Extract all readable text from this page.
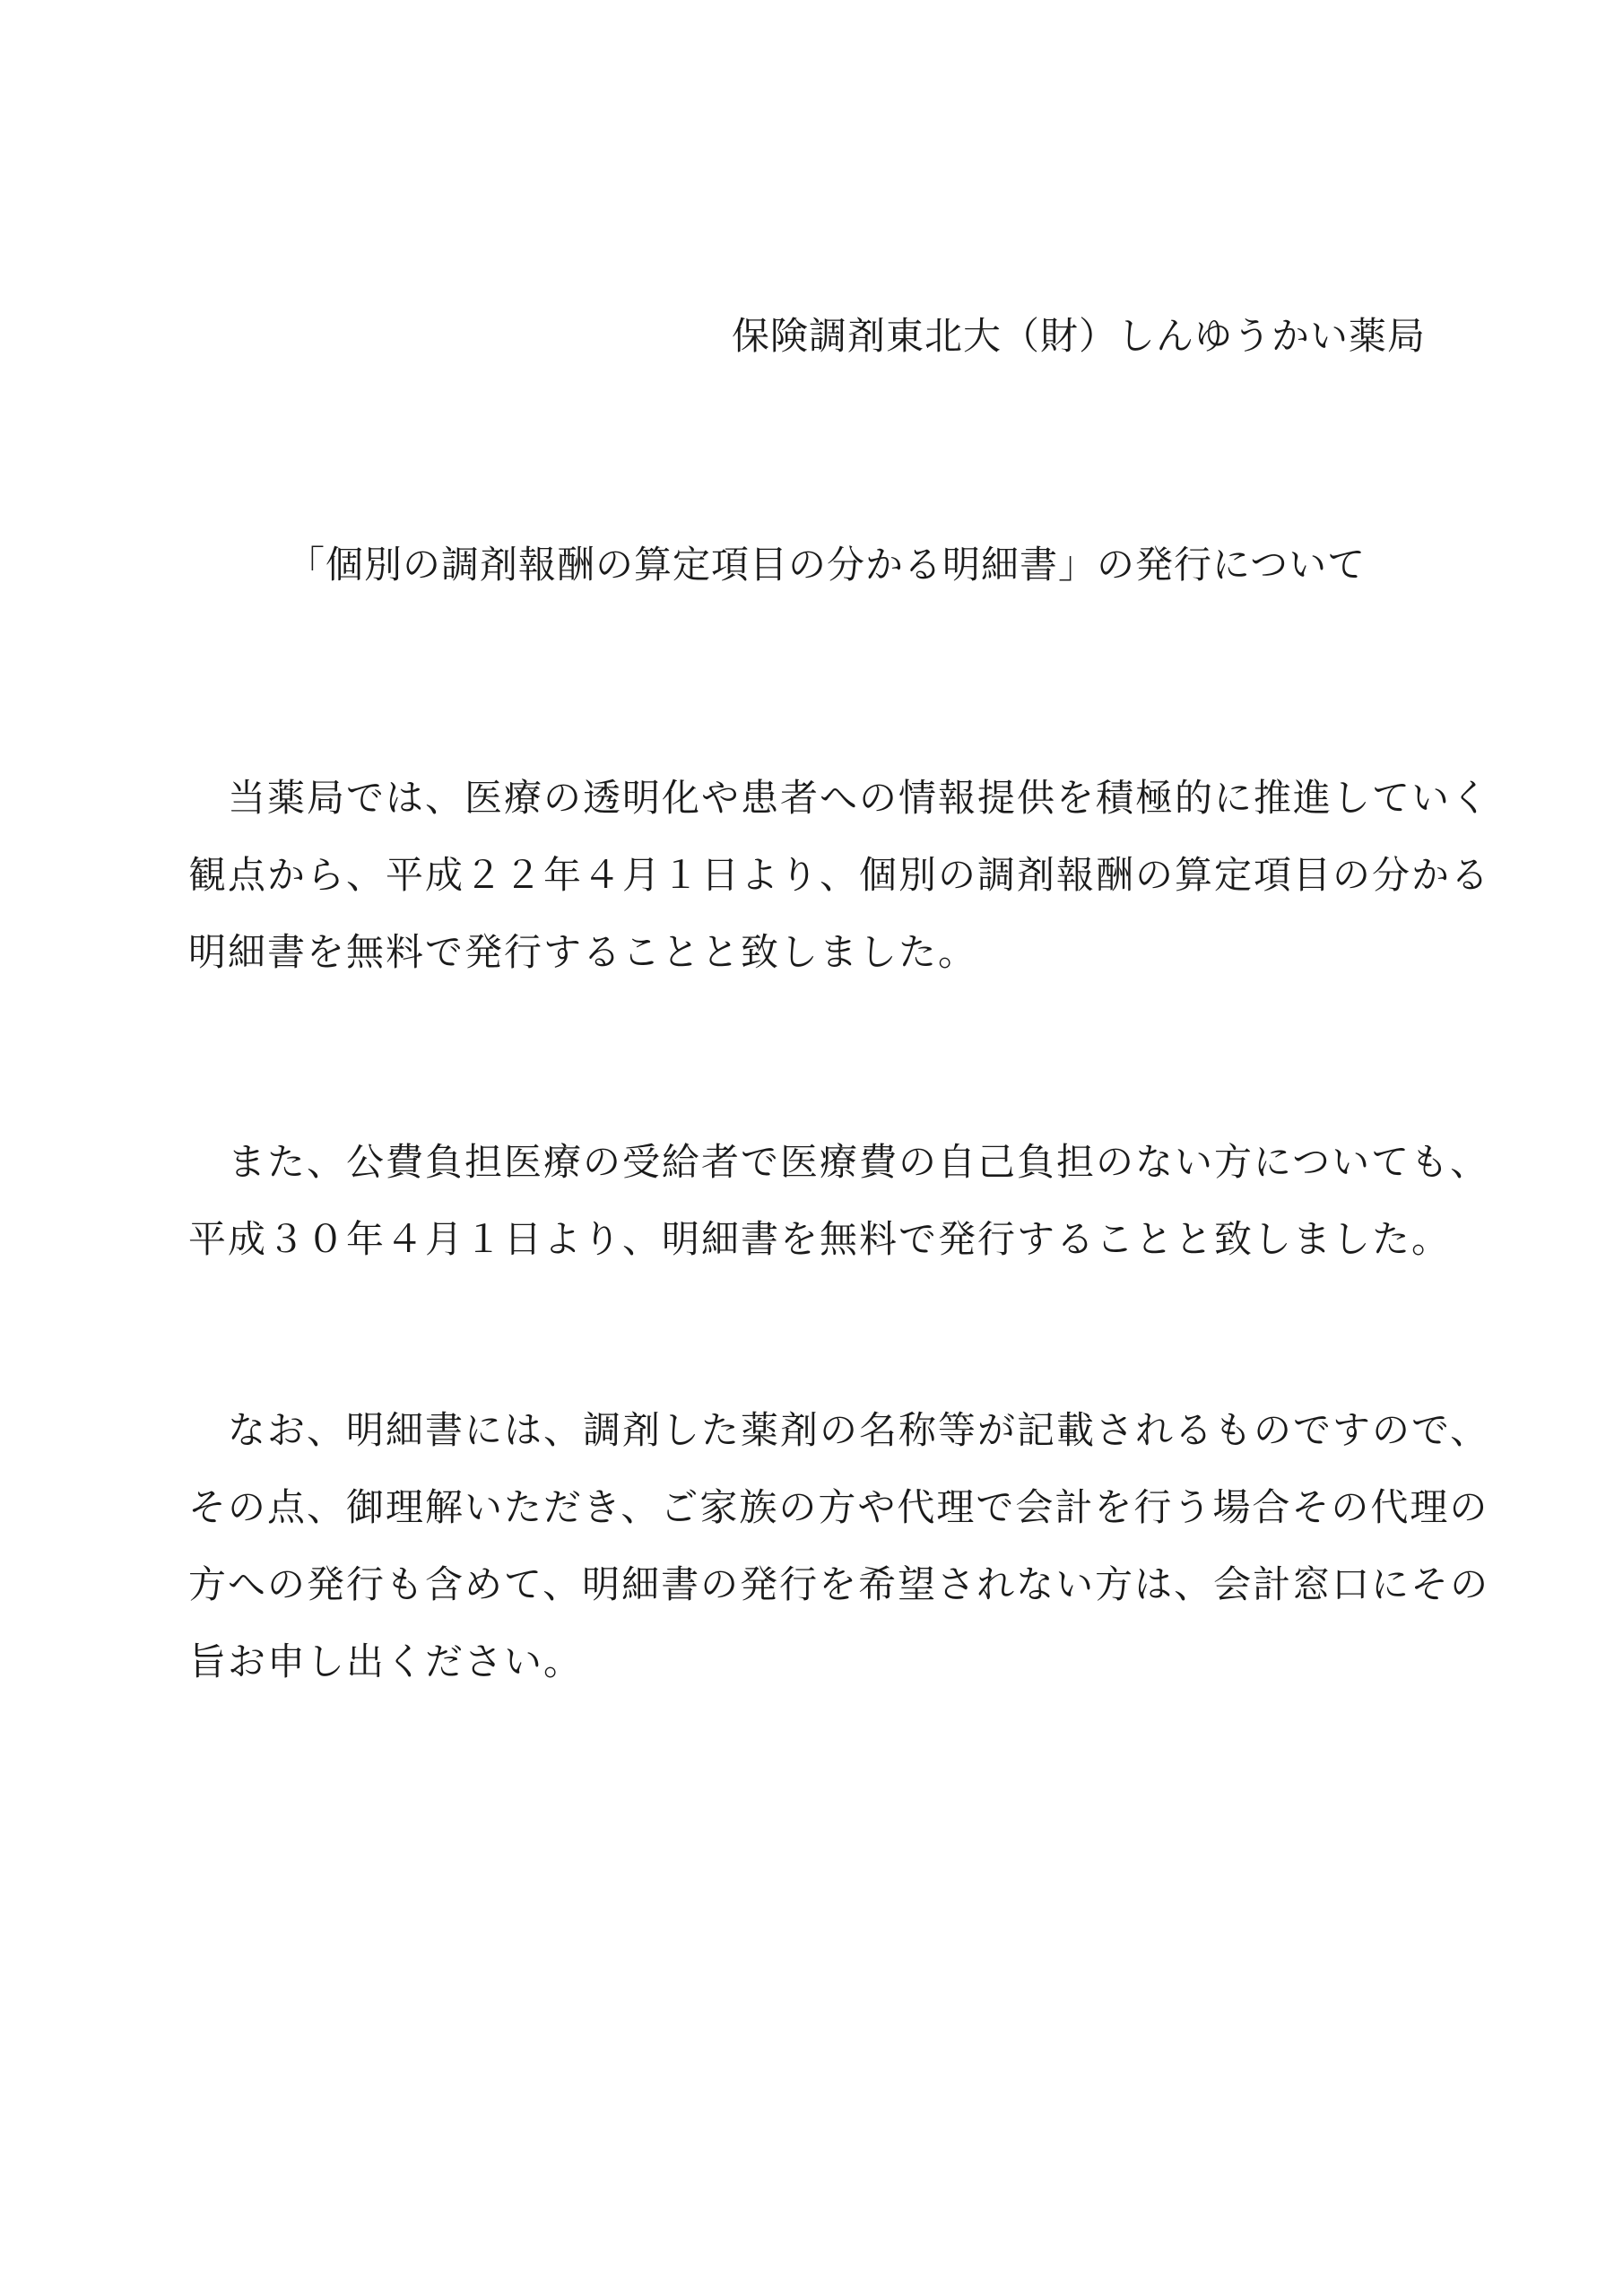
保険調剤東北大（財）しんゆうかい薬局
「個別の調剤報酬の算定項目の分かる明細書」の発行について
　当薬局では、医療の透明化や患者への情報提供を積極的に推進していく
観点から、平成２２年４月１日より、個別の調剤報酬の算定項目の分かる
明細書を無料で発行することと致しました。
　また、公費負担医療の受給者で医療費の自己負担のない方についても、
平成３０年４月１日より、明細書を無料で発行することと致しました。
　なお、明細書には、調剤した薬剤の名称等が記載されるものですので、
その点、御理解いただき、ご家族の方や代理で会計を行う場合その代理の
方への発行も含めて、明細書の発行を希望されない方は、会計窓口にその
旨お申し出ください。
